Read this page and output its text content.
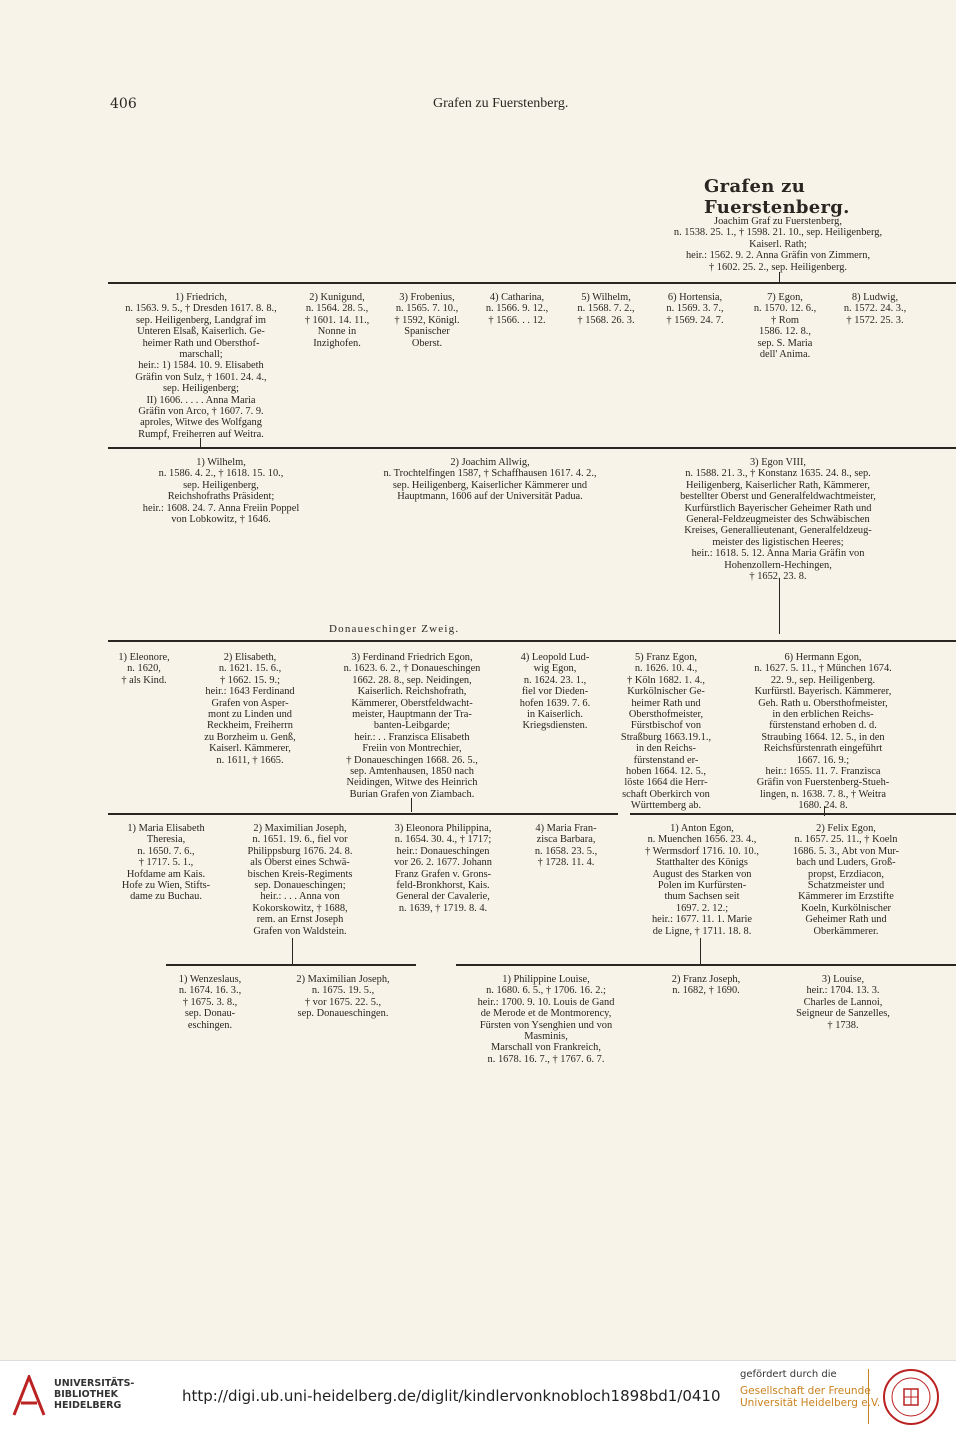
406	Grafen zu Fuerstenberg.
Grafen zu Fuerstenberg.
Joachim Graf zu Fuerstenberg,
n. 1538. 25. 1., † 1598. 21. 10., sep. Heiligenberg,
Kaiserl. Rath;
heir.: 1562. 9. 2. Anna Gräfin von Zimmern,
† 1602. 25. 2., sep. Heiligenberg.
1) Friedrich,
n. 1563. 9. 5., † Dresden 1617. 8. 8.,
sep. Heiligenberg, Landgraf im
Unteren Elsaß, Kaiserlich. Ge-
heimer Rath und Obersthof-
marschall;
heir.: 1) 1584. 10. 9. Elisabeth
Gräfin von Sulz, † 1601. 24. 4.,
sep. Heiligenberg;
II) 1606. . . . . Anna Maria
Gräfin von Arco, † 1607. 7. 9.
aproles, Witwe des Wolfgang
Rumpf, Freiherren auf Weitra.
2) Kunigund,
n. 1564. 28. 5.,
† 1601. 14. 11.,
Nonne in
Inzighofen.
3) Frobenius,
n. 1565. 7. 10.,
† 1592, Königl.
Spanischer
Oberst.
4) Catharina,
n. 1566. 9. 12.,
† 1566. . . 12.
5) Wilhelm,
n. 1568. 7. 2.,
† 1568. 26. 3.
6) Hortensia,
n. 1569. 3. 7.,
† 1569. 24. 7.
7) Egon,
n. 1570. 12. 6.,
† Rom
1586. 12. 8.,
sep. S. Maria
dell' Anima.
8) Ludwig,
n. 1572. 24. 3.,
† 1572. 25. 3.
1) Wilhelm,
n. 1586. 4. 2., † 1618. 15. 10.,
sep. Heiligenberg,
Reichshofraths Präsident;
heir.: 1608. 24. 7. Anna Freiin Poppel
von Lobkowitz, † 1646.
2) Joachim Allwig,
n. Trochtelfingen 1587, † Schaffhausen 1617. 4. 2.,
sep. Heiligenberg, Kaiserlicher Kämmerer und
Hauptmann, 1606 auf der Universität Padua.
3) Egon VIII,
n. 1588. 21. 3., † Konstanz 1635. 24. 8., sep.
Heiligenberg, Kaiserlicher Rath, Kämmerer,
bestellter Oberst und Generalfeldwachtmeister,
Kurfürstlich Bayerischer Geheimer Rath und
General-Feldzeugmeister des Schwäbischen
Kreises, Generallieutenant, Generalfeldzeug-
meister des ligistischen Heeres;
heir.: 1618. 5. 12. Anna Maria Gräfin von
Hohenzollern-Hechingen,
† 1652. 23. 8.
Donaueschinger Zweig.
1) Eleonore,
n. 1620,
† als Kind.
2) Elisabeth,
n. 1621. 15. 6.,
† 1662. 15. 9.;
heir.: 1643 Ferdinand
Grafen von Asper-
mont zu Linden und
Reckheim, Freiherrn
zu Borzheim u. Genß,
Kaiserl. Kämmerer,
n. 1611, † 1665.
3) Ferdinand Friedrich Egon,
n. 1623. 6. 2., † Donaueschingen
1662. 28. 8., sep. Neidingen,
Kaiserlich. Reichshofrath,
Kämmerer, Oberstfeldwacht-
meister, Hauptmann der Tra-
banten-Leibgarde;
heir.: . . Franzisca Elisabeth
Freiin von Montrechier,
† Donaueschingen 1668. 26. 5.,
sep. Amtenhausen, 1850 nach
Neidingen, Witwe des Heinrich
Burian Grafen von Ziambach.
4) Leopold Lud-
wig Egon,
n. 1624. 23. 1.,
fiel vor Dieden-
hofen 1639. 7. 6.
in Kaiserlich.
Kriegsdiensten.
5) Franz Egon,
n. 1626. 10. 4.,
† Köln 1682. 1. 4.,
Kurkölnischer Ge-
heimer Rath und
Obersthofmeister,
Fürstbischof von
Straßburg 1663.19.1.,
in den Reichs-
fürstenstand er-
hoben 1664. 12. 5.,
löste 1664 die Herr-
schaft Oberkirch von
Württemberg ab.
6) Hermann Egon,
n. 1627. 5. 11., † München 1674.
22. 9., sep. Heiligenberg.
Kurfürstl. Bayerisch. Kämmerer,
Geh. Rath u. Obersthofmeister,
in den erblichen Reichs-
fürstenstand erhoben d. d.
Straubing 1664. 12. 5., in den
Reichsfürstenrath eingeführt
1667. 16. 9.;
heir.: 1655. 11. 7. Franzisca
Gräfin von Fuerstenberg-Stueh-
lingen, n. 1638. 7. 8., † Weitra
1680. 24. 8.
1) Maria Elisabeth
Theresia,
n. 1650. 7. 6.,
† 1717. 5. 1.,
Hofdame am Kais.
Hofe zu Wien, Stifts-
dame zu Buchau.
2) Maximilian Joseph,
n. 1651. 19. 6., fiel vor
Philippsburg 1676. 24. 8.
als Oberst eines Schwä-
bischen Kreis-Regiments
sep. Donaueschingen;
heir.: . . . Anna von
Kokorskowitz, † 1688,
rem. an Ernst Joseph
Grafen von Waldstein.
3) Eleonora Philippina,
n. 1654. 30. 4., † 1717;
heir.: Donaueschingen
vor 26. 2. 1677. Johann
Franz Grafen v. Grons-
feld-Bronkhorst, Kais.
General der Cavalerie,
n. 1639, † 1719. 8. 4.
4) Maria Fran-
zisca Barbara,
n. 1658. 23. 5.,
† 1728. 11. 4.
1) Anton Egon,
n. Muenchen 1656. 23. 4.,
† Wermsdorf 1716. 10. 10.,
Statthalter des Königs
August des Starken von
Polen im Kurfürsten-
thum Sachsen seit
1697. 2. 12.;
heir.: 1677. 11. 1. Marie
de Ligne, † 1711. 18. 8.
2) Felix Egon,
n. 1657. 25. 11., † Koeln
1686. 5. 3., Abt von Mur-
bach und Luders, Groß-
propst, Erzdiacon,
Schatzmeister und
Kämmerer im Erzstifte
Koeln, Kurkölnischer
Geheimer Rath und
Oberkämmerer.
1) Wenzeslaus,
n. 1674. 16. 3.,
† 1675. 3. 8.,
sep. Donau-
eschingen.
2) Maximilian Joseph,
n. 1675. 19. 5.,
† vor 1675. 22. 5.,
sep. Donaueschingen.
1) Philippine Louise,
n. 1680. 6. 5., † 1706. 16. 2.;
heir.: 1700. 9. 10. Louis de Gand
de Merode et de Montmorency,
Fürsten von Ysenghien und von
Masminis,
Marschall von Frankreich,
n. 1678. 16. 7., † 1767. 6. 7.
2) Franz Joseph,
n. 1682, † 1690.
3) Louise,
heir.: 1704. 13. 3.
Charles de Lannoi,
Seigneur de Sanzelles,
† 1738.
UNIVERSITÄTS-
BIBLIOTHEK
HEIDELBERG
http://digi.ub.uni-heidelberg.de/diglit/kindlervonknobloch1898bd1/0410
gefördert durch die
Gesellschaft der Freunde
Universität Heidelberg e.V.
